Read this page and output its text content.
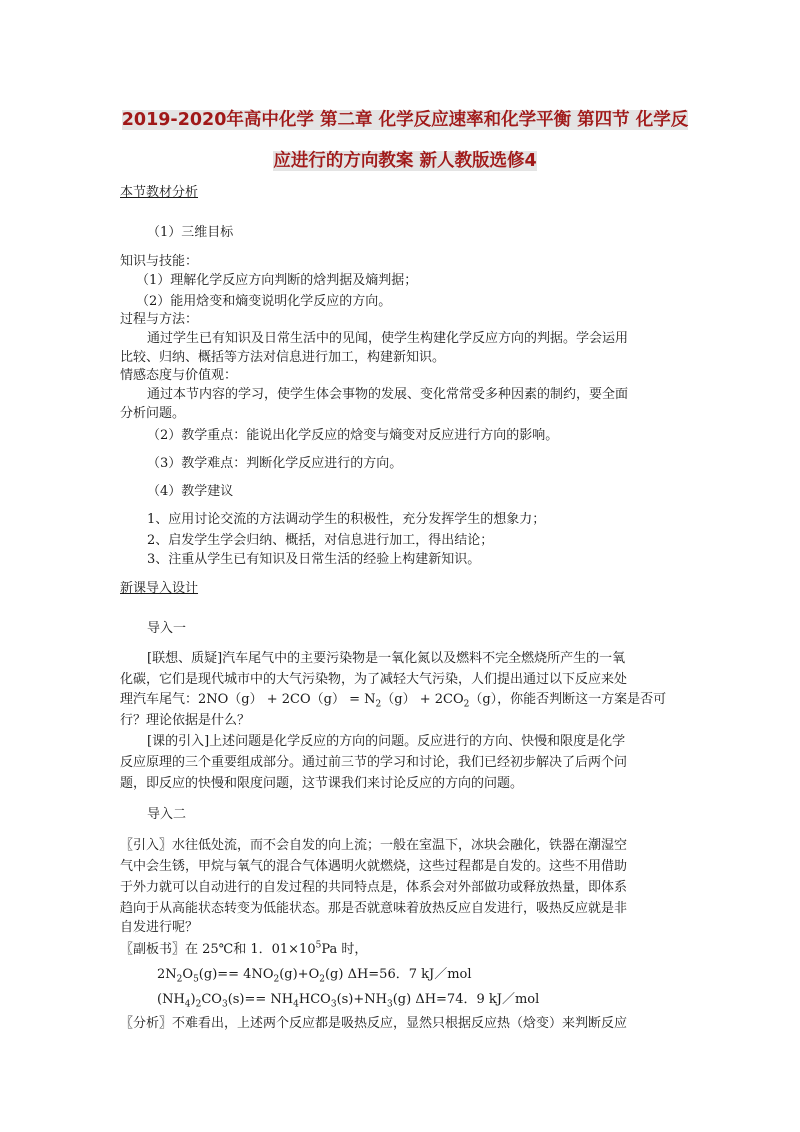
2019-2020年高中化学 第二章 化学反应速率和化学平衡 第四节 化学反
应进行的方向教案 新人教版选修4
本节教材分析
（1）三维目标
知识与技能：
（1）理解化学反应方向判断的焓判据及熵判据；
（2）能用焓变和熵变说明化学反应的方向。
过程与方法：
通过学生已有知识及日常生活中的见闻，使学生构建化学反应方向的判据。学会运用
比较、归纳、概括等方法对信息进行加工，构建新知识。
情感态度与价值观：
通过本节内容的学习，使学生体会事物的发展、变化常常受多种因素的制约，要全面
分析问题。
（2）教学重点：能说出化学反应的焓变与熵变对反应进行方向的影响。
（3）教学难点：判断化学反应进行的方向。
（4）教学建议
1、应用讨论交流的方法调动学生的积极性，充分发挥学生的想象力；
2、启发学生学会归纳、概括，对信息进行加工，得出结论；
3、注重从学生已有知识及日常生活的经验上构建新知识。
新课导入设计
导入一
[联想、质疑]汽车尾气中的主要污染物是一氧化氮以及燃料不完全燃烧所产生的一氧
化碳，它们是现代城市中的大气污染物，为了减轻大气污染，人们提出通过以下反应来处
理汽车尾气：$2NO(g) + 2CO(g) = N_2(g) + 2CO_2(g)$，你能否判断这一方案是否可
行？理论依据是什么？
[课的引入]上述问题是化学反应的方向的问题。反应进行的方向、快慢和限度是化学
反应原理的三个重要组成部分。通过前三节的学习和讨论，我们已经初步解决了后两个问
题，即反应的快慢和限度问题，这节课我们来讨论反应的方向的问题。
导入二
〖引入〗水往低处流，而不会自发的向上流；一般在室温下，冰块会融化，铁器在潮湿空
气中会生锈，甲烷与氧气的混合气体遇明火就燃烧，这些过程都是自发的。这些不用借助
于外力就可以自动进行的自发过程的共同特点是，体系会对外部做功或释放热量，即体系
趋向于从高能状态转变为低能状态。那是否就意味着放热反应自发进行，吸热反应就是非
自发进行呢？
〖副板书〗在 25℃和 1．$01\times 10^5Pa$ 时，
$2N_2O_5(g)== 4NO_2(g)+O_2(g)$ ΔH=56．7 kJ／mol
$(NH_4)_2CO_3(s)== NH_4HCO_3(s)+NH_3(g)$ ΔH=74．9 kJ／mol
〖分析〗不难看出，上述两个反应都是吸热反应，显然只根据反应热（焓变）来判断反应
